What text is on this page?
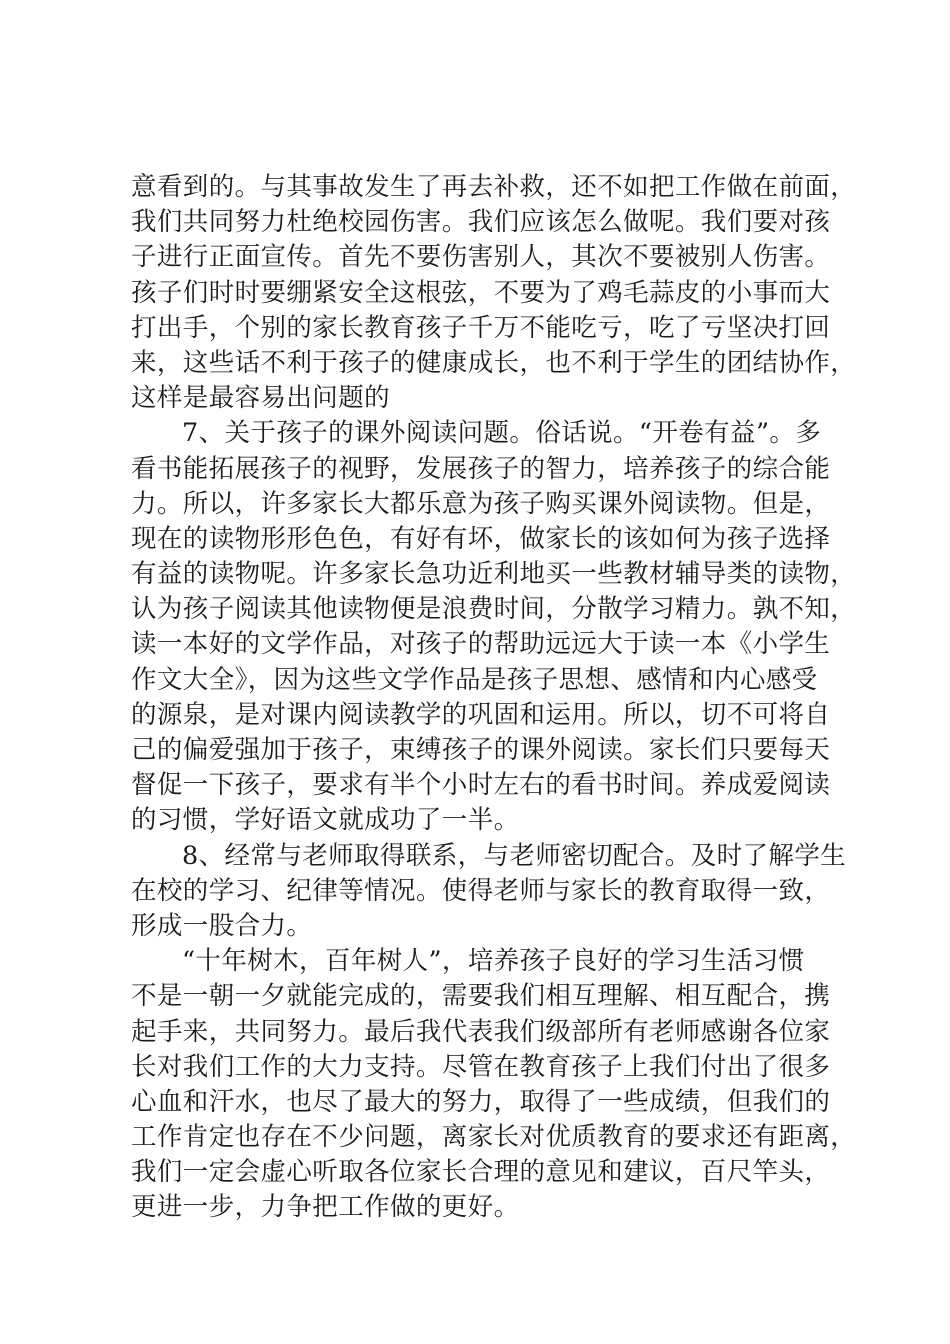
意看到的。与其事故发生了再去补救，还不如把工作做在前面，
我们共同努力杜绝校园伤害。我们应该怎么做呢。我们要对孩
子进行正面宣传。首先不要伤害别人，其次不要被别人伤害。
孩子们时时要绷紧安全这根弦，不要为了鸡毛蒜皮的小事而大
打出手，个别的家长教育孩子千万不能吃亏，吃了亏坚决打回
来，这些话不利于孩子的健康成长，也不利于学生的团结协作，
这样是最容易出问题的
7、关于孩子的课外阅读问题。俗话说。“开卷有益”。多
看书能拓展孩子的视野，发展孩子的智力，培养孩子的综合能
力。所以，许多家长大都乐意为孩子购买课外阅读物。但是，
现在的读物形形色色，有好有坏，做家长的该如何为孩子选择
有益的读物呢。许多家长急功近利地买一些教材辅导类的读物，
认为孩子阅读其他读物便是浪费时间，分散学习精力。孰不知，
读一本好的文学作品，对孩子的帮助远远大于读一本《小学生
作文大全》，因为这些文学作品是孩子思想、感情和内心感受
的源泉，是对课内阅读教学的巩固和运用。所以，切不可将自
己的偏爱强加于孩子，束缚孩子的课外阅读。家长们只要每天
督促一下孩子，要求有半个小时左右的看书时间。养成爱阅读
的习惯，学好语文就成功了一半。
8、经常与老师取得联系，与老师密切配合。及时了解学生
在校的学习、纪律等情况。使得老师与家长的教育取得一致，
形成一股合力。
“十年树木，百年树人”，培养孩子良好的学习生活习惯
不是一朝一夕就能完成的，需要我们相互理解、相互配合，携
起手来，共同努力。最后我代表我们级部所有老师感谢各位家
长对我们工作的大力支持。尽管在教育孩子上我们付出了很多
心血和汗水，也尽了最大的努力，取得了一些成绩，但我们的
工作肯定也存在不少问题，离家长对优质教育的要求还有距离，
我们一定会虚心听取各位家长合理的意见和建议，百尺竿头，
更进一步，力争把工作做的更好。
